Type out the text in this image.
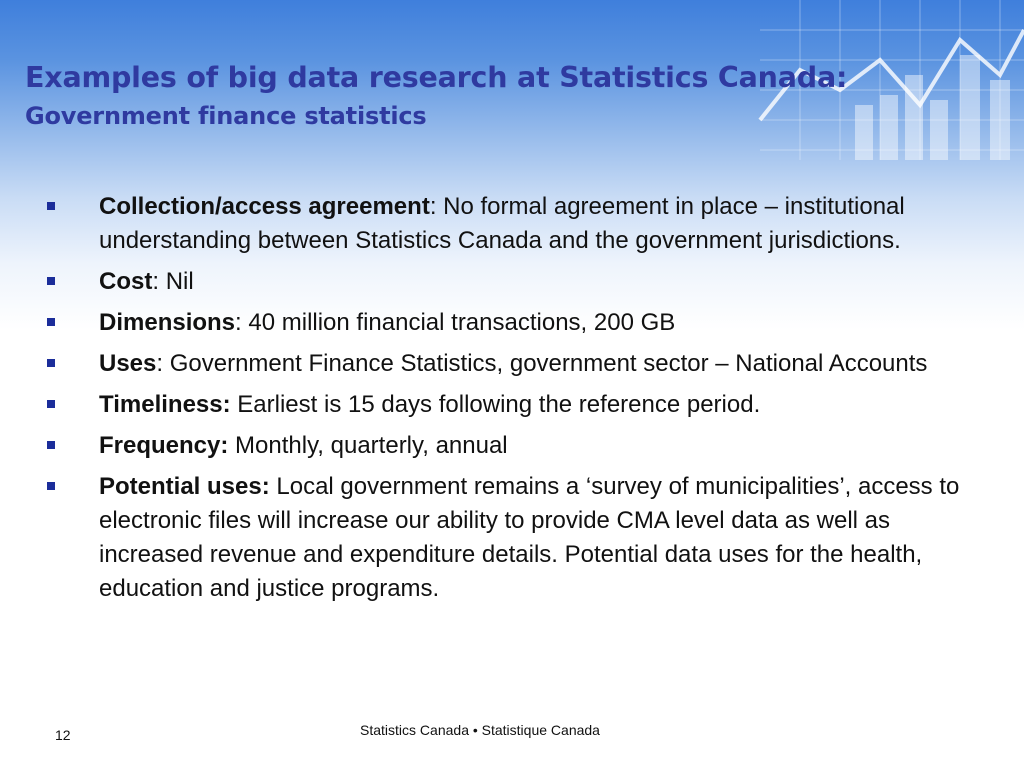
Examples of big data research at Statistics Canada:
Government finance statistics
Collection/access agreement: No formal agreement in place – institutional understanding between Statistics Canada and the government jurisdictions.
Cost: Nil
Dimensions: 40 million financial transactions, 200 GB
Uses: Government Finance Statistics, government sector – National Accounts
Timeliness: Earliest is 15 days following the reference period.
Frequency: Monthly, quarterly, annual
Potential uses: Local government remains a ‘survey of municipalities’, access to electronic files will increase our ability to provide CMA level data as well as increased revenue and expenditure details. Potential data uses for the health, education and justice programs.
12	Statistics Canada • Statistique Canada
